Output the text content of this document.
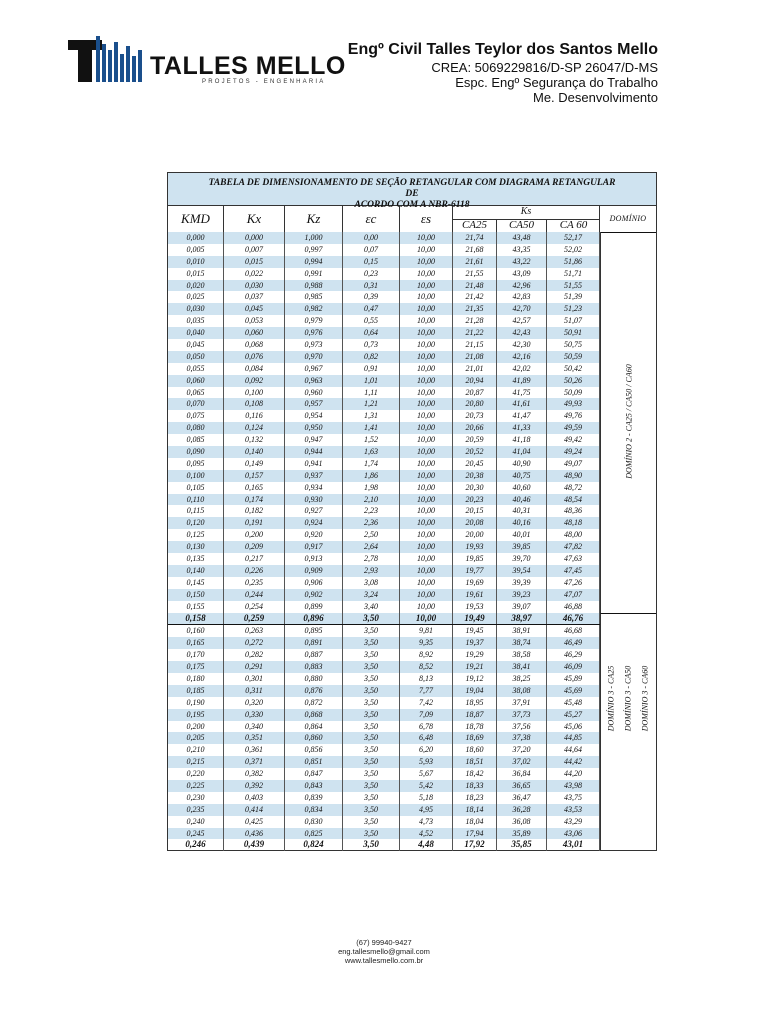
TALLES MELLO
PROJETOS - ENGENHARIA
Engº Civil Talles Teylor dos Santos Mello
CREA: 5069229816/D-SP 26047/D-MS
Espc. Engº Segurança do Trabalho
Me. Desenvolvimento
TABELA DE DIMENSIONAMENTO DE SEÇÃO RETANGULAR COM DIAGRAMA RETANGULAR DE
ACORDO COM A NBR-6118
KMD	Kx	Kz	εc	εs	Ks
CA25	CA50	CA 60
DOMÍNIO
0,000	0,000	1,000	0,00	10,00	21,74	43,48	52,17
0,005	0,007	0,997	0,07	10,00	21,68	43,35	52,02
0,010	0,015	0,994	0,15	10,00	21,61	43,22	51,86
0,015	0,022	0,991	0,23	10,00	21,55	43,09	51,71
0,020	0,030	0,988	0,31	10,00	21,48	42,96	51,55
0,025	0,037	0,985	0,39	10,00	21,42	42,83	51,39
0,030	0,045	0,982	0,47	10,00	21,35	42,70	51,23
0,035	0,053	0,979	0,55	10,00	21,28	42,57	51,07
0,040	0,060	0,976	0,64	10,00	21,22	42,43	50,91
0,045	0,068	0,973	0,73	10,00	21,15	42,30	50,75
0,050	0,076	0,970	0,82	10,00	21,08	42,16	50,59
0,055	0,084	0,967	0,91	10,00	21,01	42,02	50,42
0,060	0,092	0,963	1,01	10,00	20,94	41,89	50,26
0,065	0,100	0,960	1,11	10,00	20,87	41,75	50,09
0,070	0,108	0,957	1,21	10,00	20,80	41,61	49,93
0,075	0,116	0,954	1,31	10,00	20,73	41,47	49,76
0,080	0,124	0,950	1,41	10,00	20,66	41,33	49,59
0,085	0,132	0,947	1,52	10,00	20,59	41,18	49,42
0,090	0,140	0,944	1,63	10,00	20,52	41,04	49,24
0,095	0,149	0,941	1,74	10,00	20,45	40,90	49,07
0,100	0,157	0,937	1,86	10,00	20,38	40,75	48,90
0,105	0,165	0,934	1,98	10,00	20,30	40,60	48,72
0,110	0,174	0,930	2,10	10,00	20,23	40,46	48,54
0,115	0,182	0,927	2,23	10,00	20,15	40,31	48,36
0,120	0,191	0,924	2,36	10,00	20,08	40,16	48,18
0,125	0,200	0,920	2,50	10,00	20,00	40,01	48,00
0,130	0,209	0,917	2,64	10,00	19,93	39,85	47,82
0,135	0,217	0,913	2,78	10,00	19,85	39,70	47,63
0,140	0,226	0,909	2,93	10,00	19,77	39,54	47,45
0,145	0,235	0,906	3,08	10,00	19,69	39,39	47,26
0,150	0,244	0,902	3,24	10,00	19,61	39,23	47,07
0,155	0,254	0,899	3,40	10,00	19,53	39,07	46,88
0,158	0,259	0,896	3,50	10,00	19,49	38,97	46,76
0,160	0,263	0,895	3,50	9,81	19,45	38,91	46,68
0,165	0,272	0,891	3,50	9,35	19,37	38,74	46,49
0,170	0,282	0,887	3,50	8,92	19,29	38,58	46,29
0,175	0,291	0,883	3,50	8,52	19,21	38,41	46,09
0,180	0,301	0,880	3,50	8,13	19,12	38,25	45,89
0,185	0,311	0,876	3,50	7,77	19,04	38,08	45,69
0,190	0,320	0,872	3,50	7,42	18,95	37,91	45,48
0,195	0,330	0,868	3,50	7,09	18,87	37,73	45,27
0,200	0,340	0,864	3,50	6,78	18,78	37,56	45,06
0,205	0,351	0,860	3,50	6,48	18,69	37,38	44,85
0,210	0,361	0,856	3,50	6,20	18,60	37,20	44,64
0,215	0,371	0,851	3,50	5,93	18,51	37,02	44,42
0,220	0,382	0,847	3,50	5,67	18,42	36,84	44,20
0,225	0,392	0,843	3,50	5,42	18,33	36,65	43,98
0,230	0,403	0,839	3,50	5,18	18,23	36,47	43,75
0,235	0,414	0,834	3,50	4,95	18,14	36,28	43,53
0,240	0,425	0,830	3,50	4,73	18,04	36,08	43,29
0,245	0,436	0,825	3,50	4,52	17,94	35,89	43,06
0,246	0,439	0,824	3,50	4,48	17,92	35,85	43,01
DOMÍNIO 2 - CA25 / CA50 / CA60
DOMÍNIO 3 - CA25 DOMÍNIO 3 - CA50 DOMÍNIO 3 - CA60
(67) 99940-9427
eng.tallesmello@gmail.com
www.tallesmello.com.br
